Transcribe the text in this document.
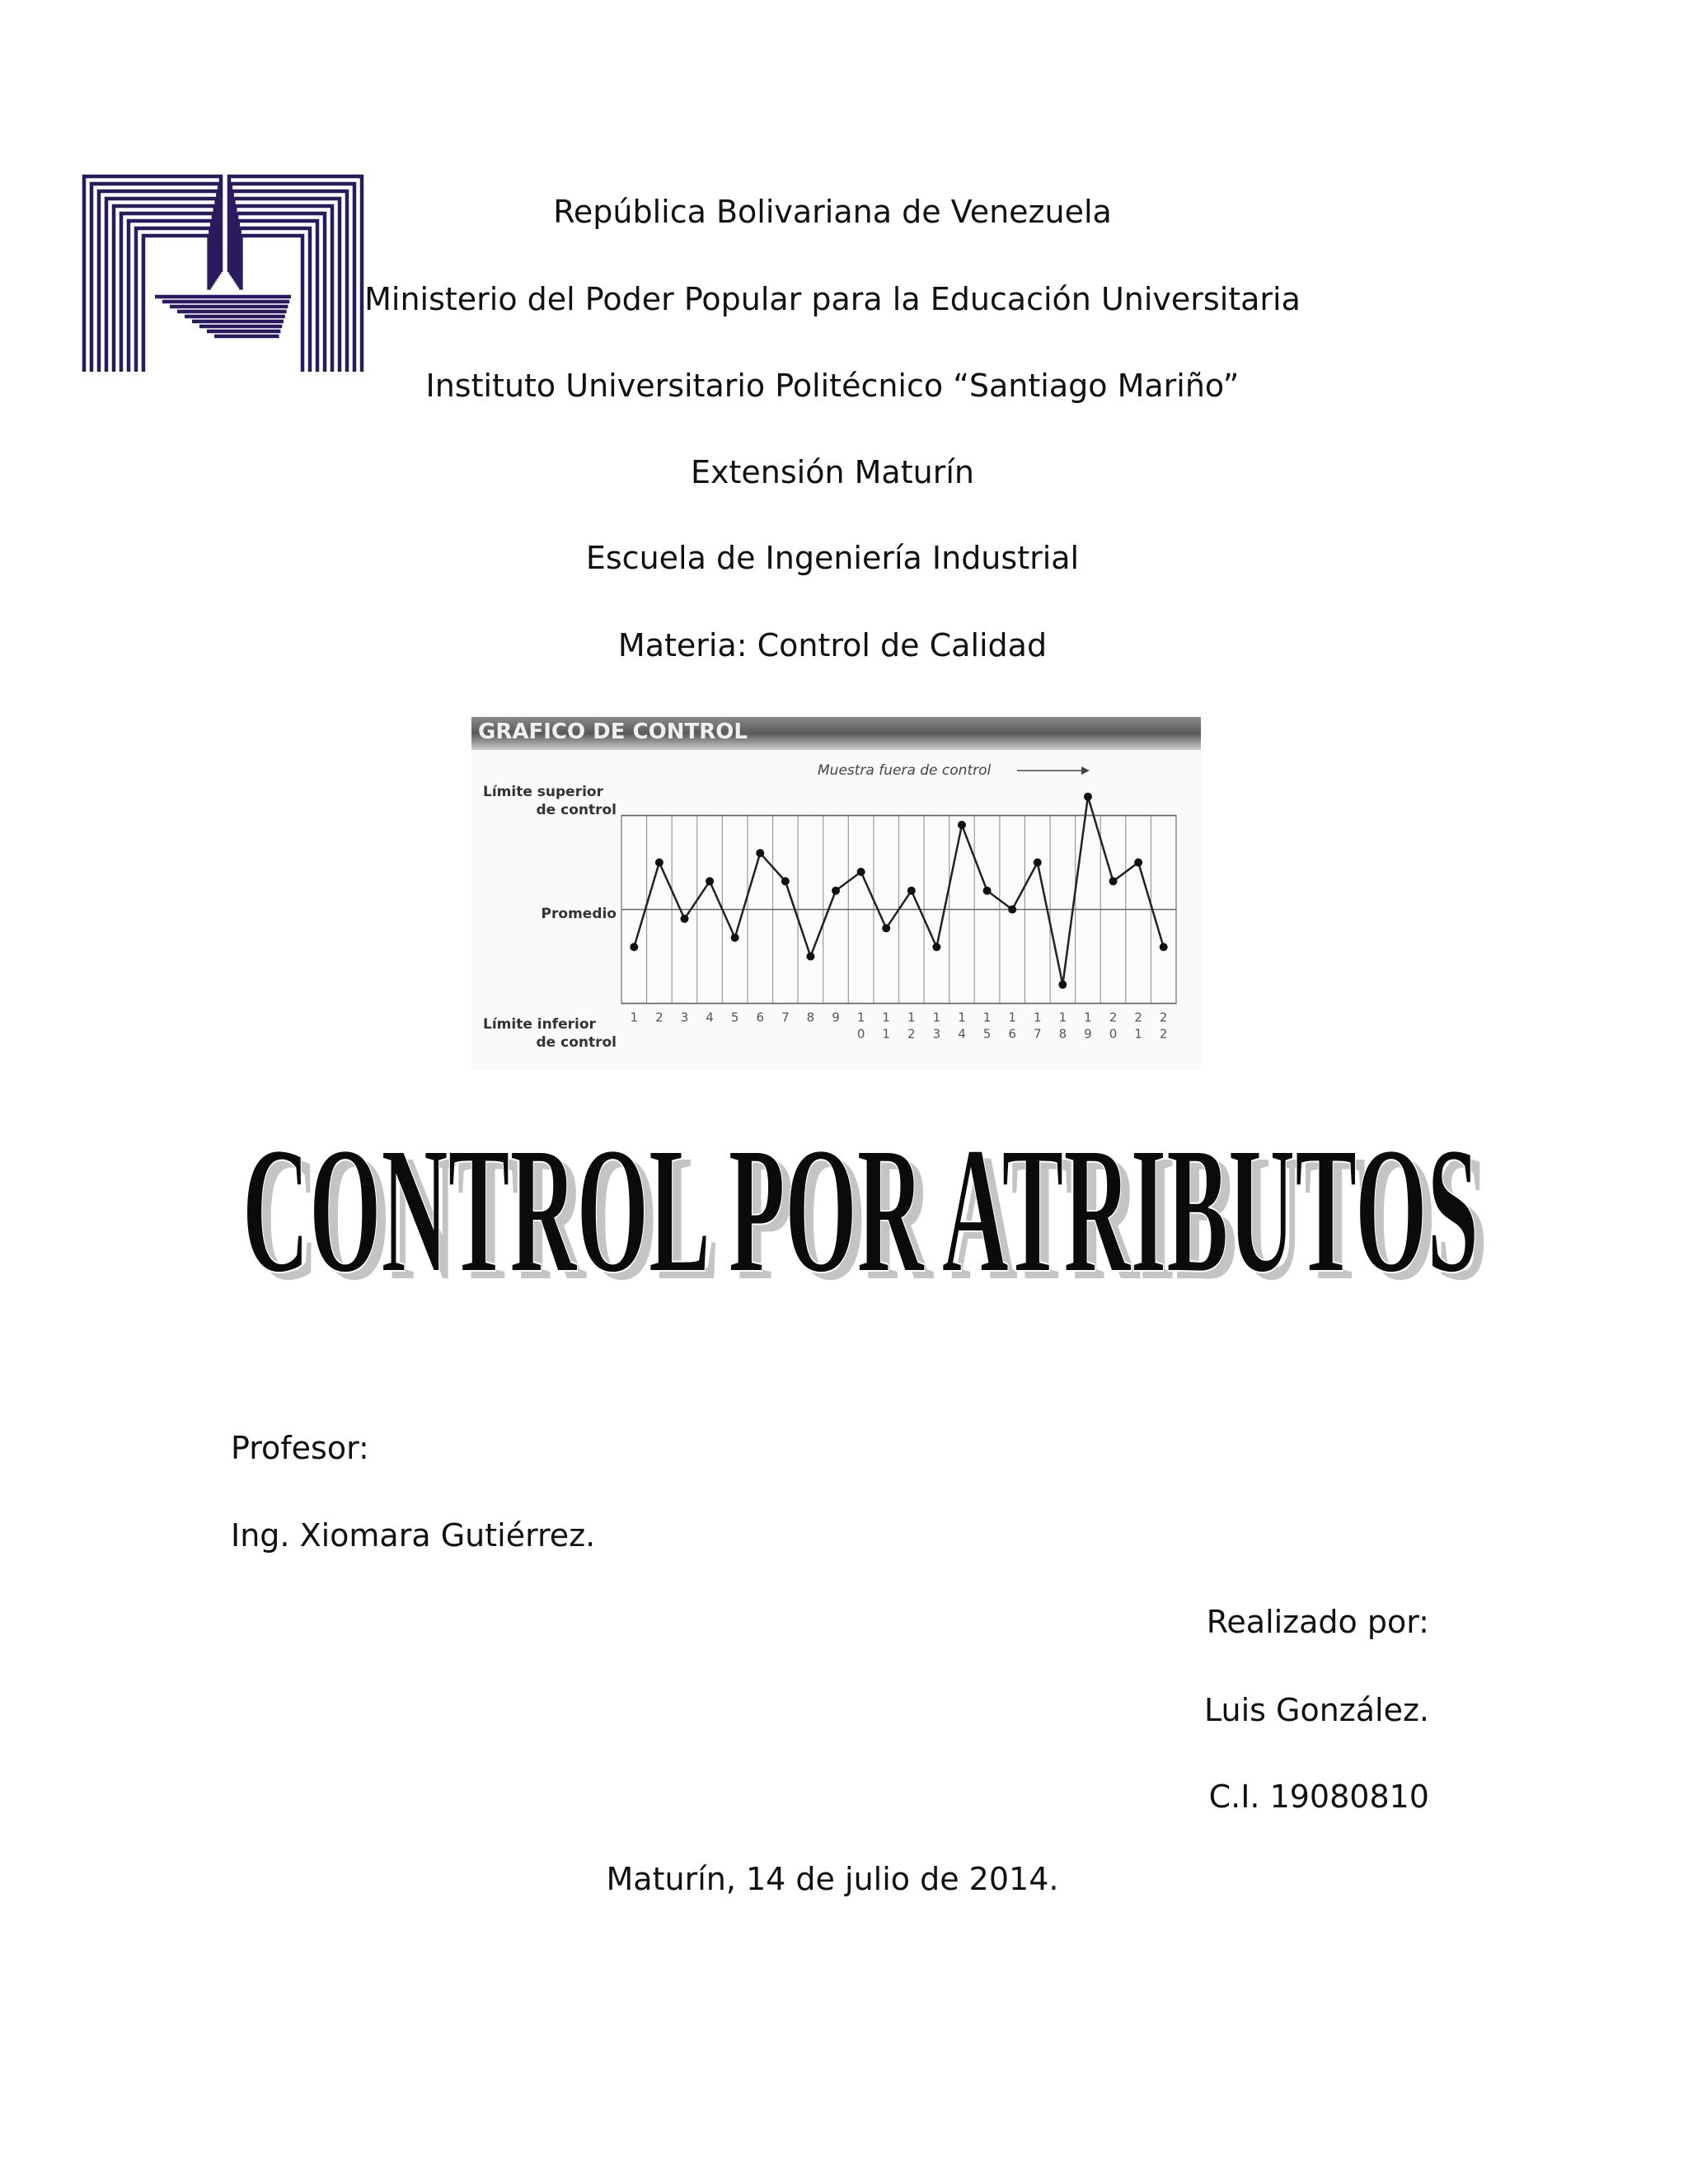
República Bolivariana de Venezuela
Ministerio del Poder Popular para la Educación Universitaria
Instituto Universitario Politécnico “Santiago Mariño”
Extensión Maturín
Escuela de Ingeniería Industrial
Materia: Control de Calidad
GRAFICO DE CONTROL
Límite superior
de control
Promedio
Límite inferior
de control
Muestra fuera de control
1 2 3 4 5 6 7 8 9 1
0
1
1
1
2
1
3
1
4
1
5
1
6
1
7
1
8
1
9
2
0
2
1
2
2
CONTROL POR ATRIBUTOS
CONTROL POR ATRIBUTOS
Profesor:
Ing. Xiomara Gutiérrez.
Realizado por:
Luis González.
C.I. 19080810
Maturín, 14 de julio de 2014.
